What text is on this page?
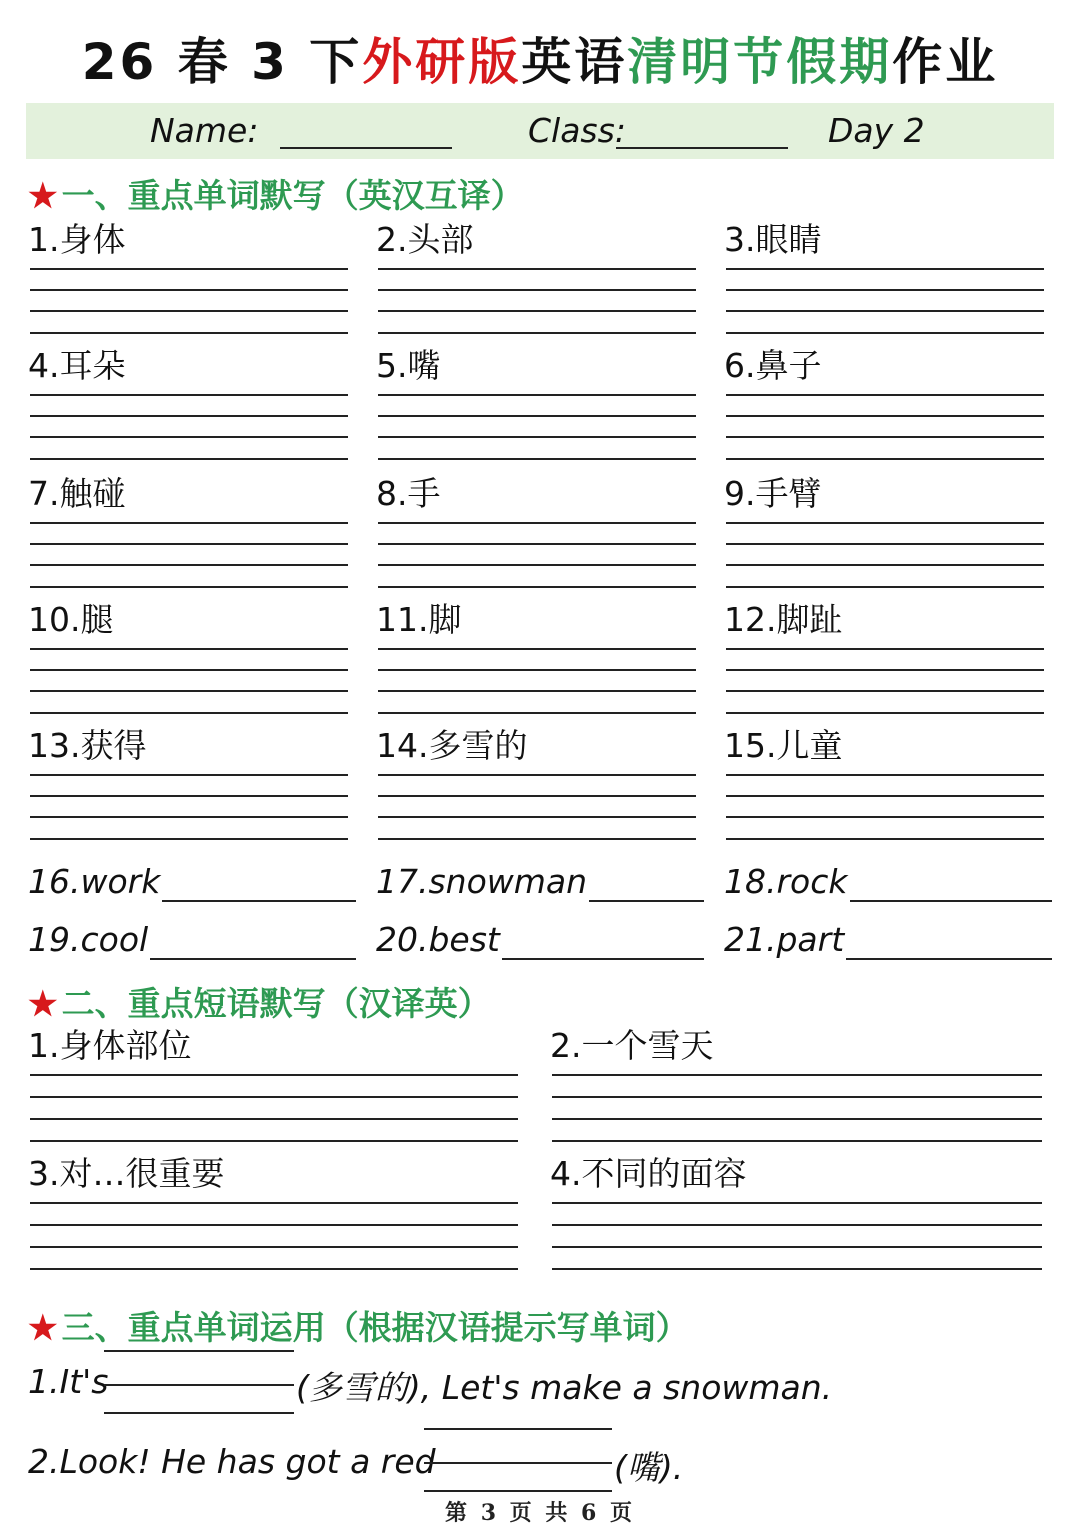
26 春 3 下外研版英语清明节假期作业
Name:	Class:	Day 2
★ 一、重点单词默写（英汉互译）
1.身体	2.头部	3.眼睛
4.耳朵	5.嘴	6.鼻子
7.触碰	8.手	9.手臂
10.腿	11.脚	12.脚趾
13.获得	14.多雪的	15.儿童
16.work	17.snowman	18.rock
19.cool	20.best	21.part
★ 二、重点短语默写（汉译英）
1.身体部位	2.一个雪天
3.对…很重要	4.不同的面容
★ 三、重点单词运用（根据汉语提示写单词）
1.It's	(多雪的), Let's make a snowman.
2.Look! He has got a red	(嘴).
第 3 页 共 6 页
